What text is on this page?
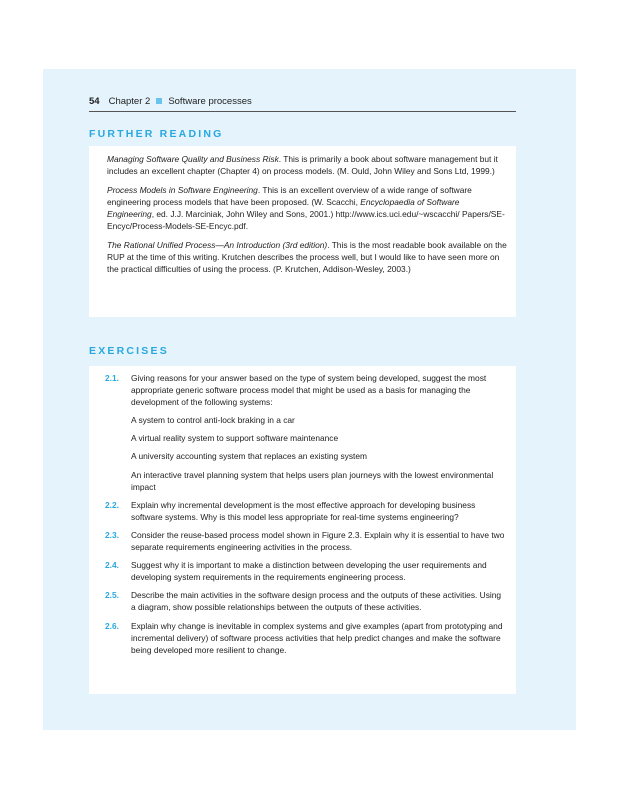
54 Chapter 2 Software processes
FURTHER READING

Managing Software Quality and Business Risk. This is primarily a book about software management but it includes an excellent chapter (Chapter 4) on process models. (M. Ould, John Wiley and Sons Ltd, 1999.)

Process Models in Software Engineering. This is an excellent overview of a wide range of software engineering process models that have been proposed. (W. Scacchi, Encyclopaedia of Software Engineering, ed. J.J. Marciniak, John Wiley and Sons, 2001.) http://www.ics.uci.edu/~wscacchi/ Papers/SE-Encyc/Process-Models-SE-Encyc.pdf.

The Rational Unified Process—An Introduction (3rd edition). This is the most readable book available on the RUP at the time of this writing. Krutchen describes the process well, but I would like to have seen more on the practical difficulties of using the process. (P. Krutchen, Addison-Wesley, 2003.)

EXERCISES
2.1. Giving reasons for your answer based on the type of system being developed, suggest the most appropriate generic software process model that might be used as a basis for managing the development of the following systems:

A system to control anti-lock braking in a car

A virtual reality system to support software maintenance

A university accounting system that replaces an existing system

An interactive travel planning system that helps users plan journeys with the lowest environmental impact

2.2. Explain why incremental development is the most effective approach for developing business software systems. Why is this model less appropriate for real-time systems engineering?
2.3. Consider the reuse-based process model shown in Figure 2.3. Explain why it is essential to have two separate requirements engineering activities in the process.
2.4. Suggest why it is important to make a distinction between developing the user requirements and developing system requirements in the requirements engineering process.
2.5. Describe the main activities in the software design process and the outputs of these activities. Using a diagram, show possible relationships between the outputs of these activities.
2.6. Explain why change is inevitable in complex systems and give examples (apart from prototyping and incremental delivery) of software process activities that help predict changes and make the software being developed more resilient to change.
